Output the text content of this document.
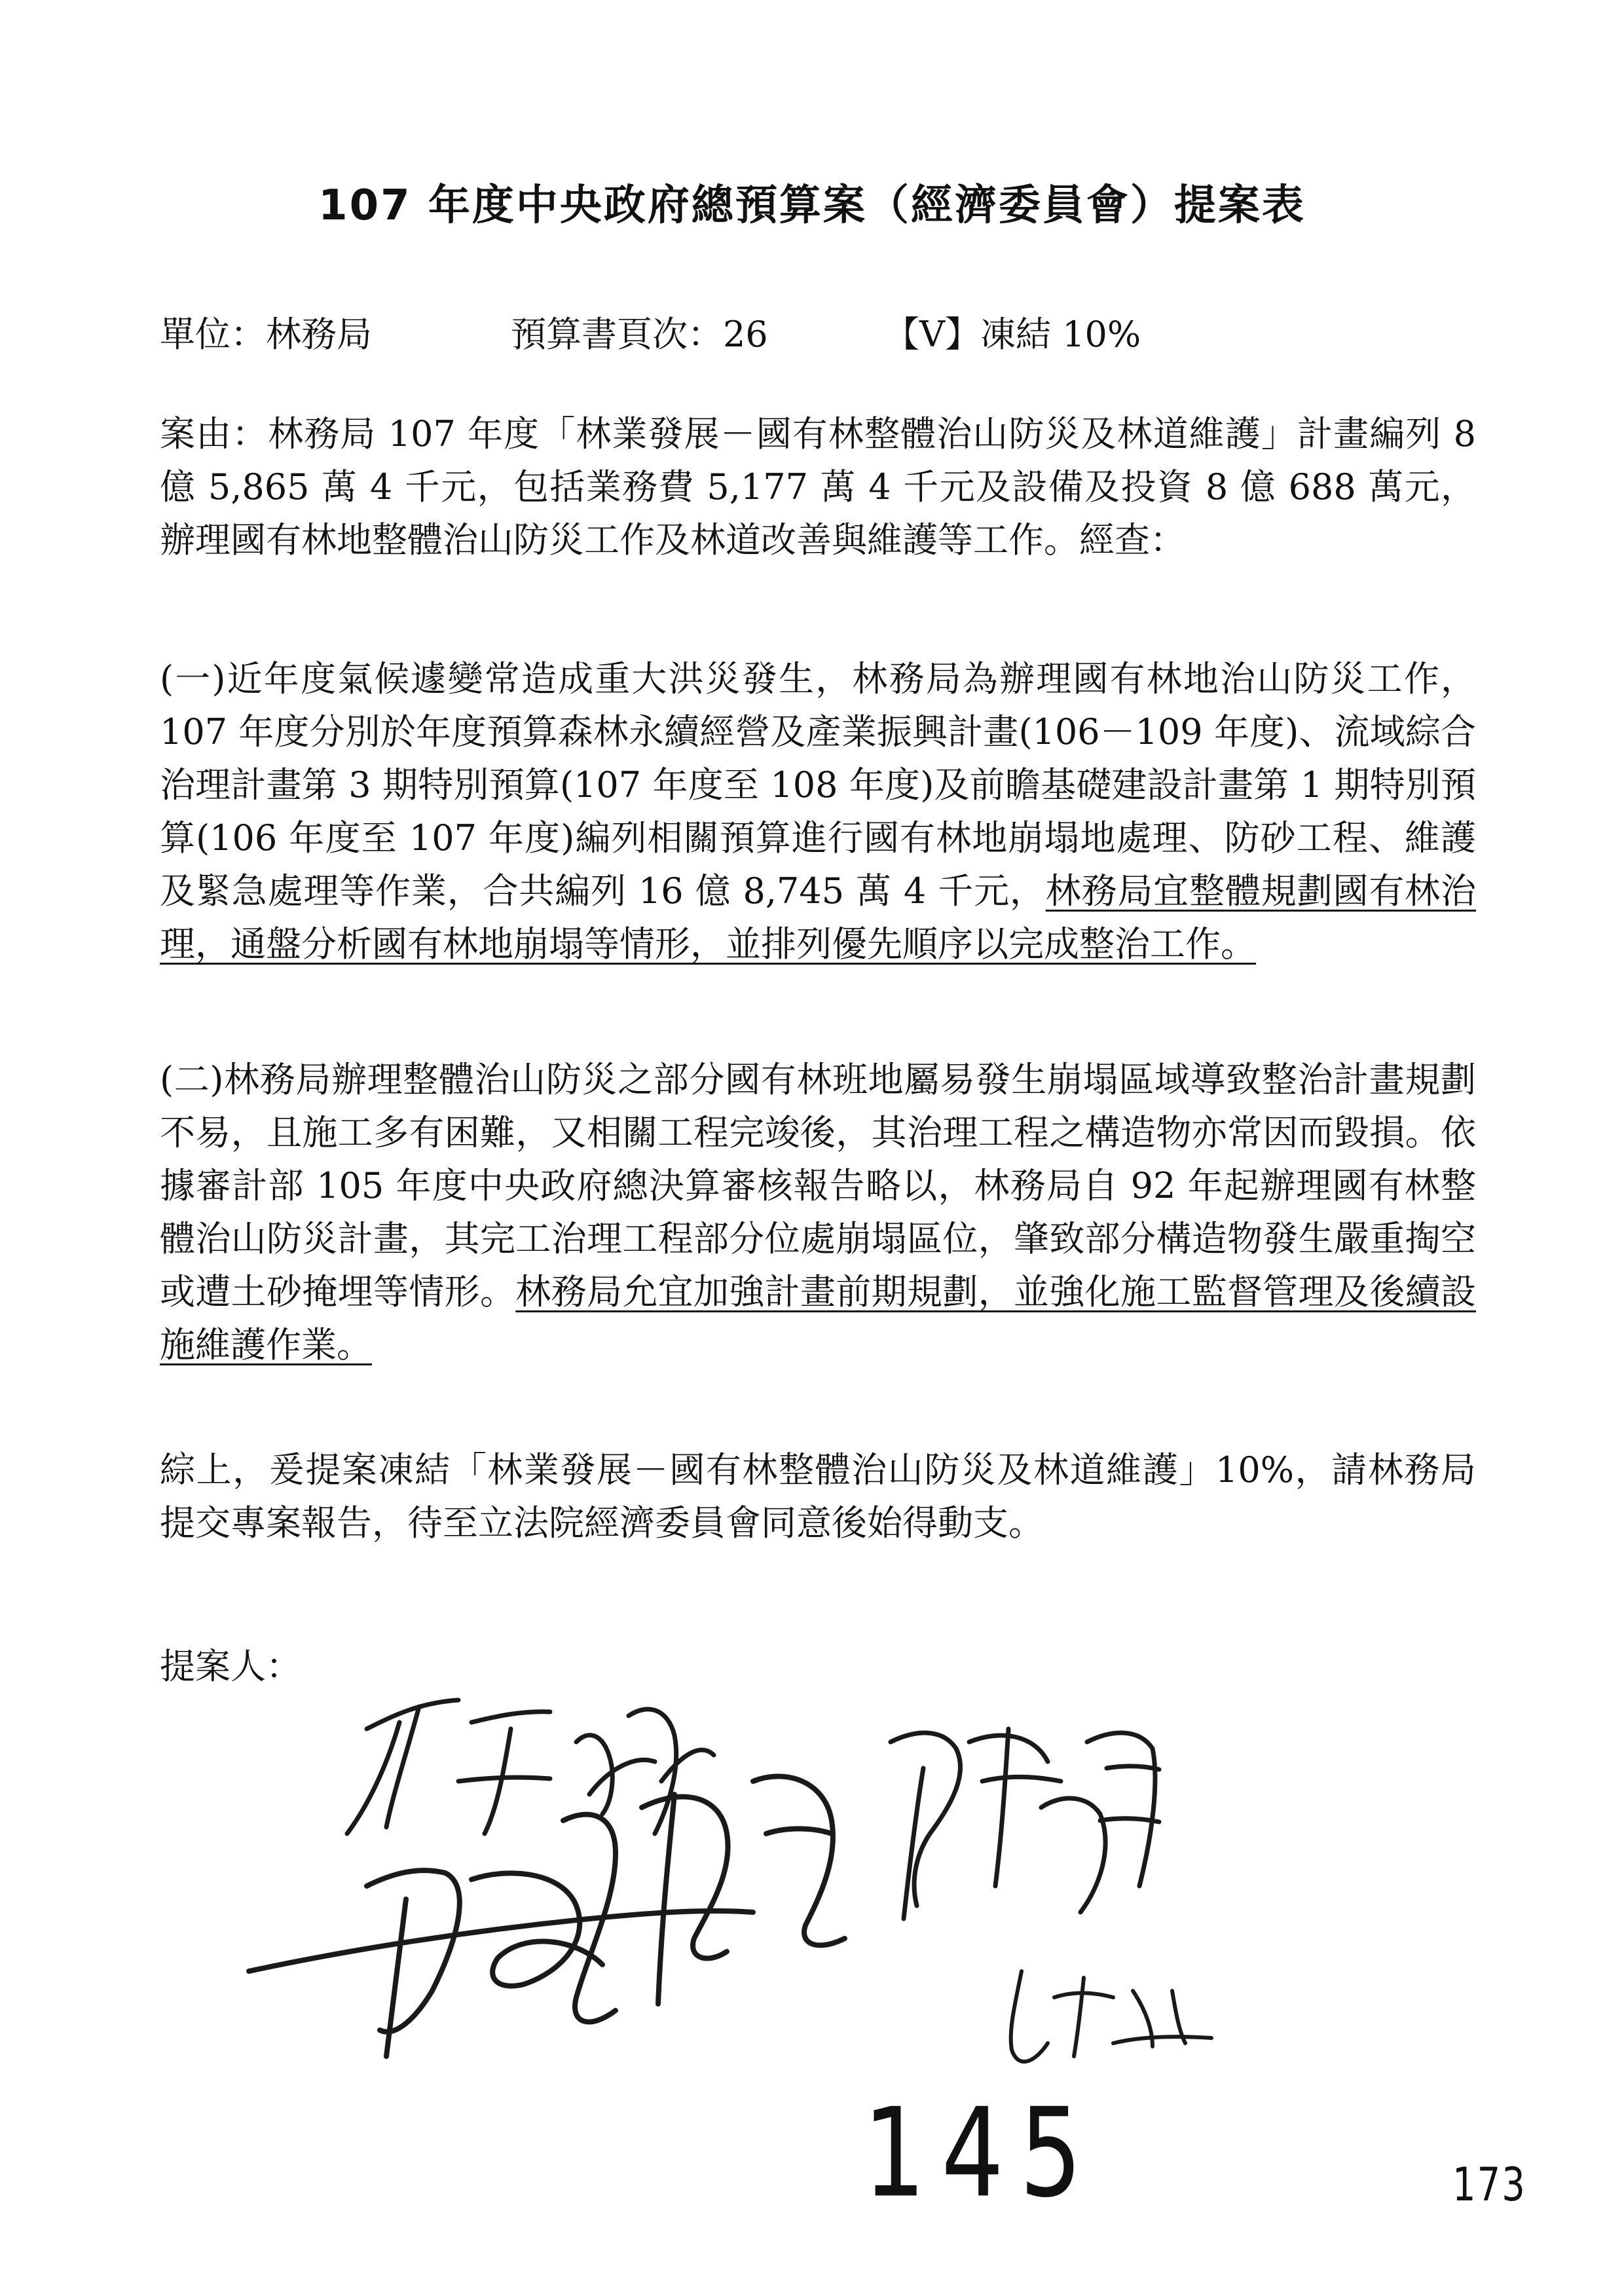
107 年度中央政府總預算案（經濟委員會）提案表
單位：林務局	預算書頁次：26	【V】凍結 10%

案由：林務局 107 年度「林業發展－國有林整體治山防災及林道維護」計畫編列 8 億 5,865 萬 4 千元，包括業務費 5,177 萬 4 千元及設備及投資 8 億 688 萬元，辦理國有林地整體治山防災工作及林道改善與維護等工作。經查：

(一)近年度氣候遽變常造成重大洪災發生，林務局為辦理國有林地治山防災工作，107 年度分別於年度預算森林永續經營及產業振興計畫(106－109 年度)、流域綜合治理計畫第 3 期特別預算(107 年度至 108 年度)及前瞻基礎建設計畫第 1 期特別預算(106 年度至 107 年度)編列相關預算進行國有林地崩塌地處理、防砂工程、維護及緊急處理等作業，合共編列 16 億 8,745 萬 4 千元，林務局宜整體規劃國有林治理，通盤分析國有林地崩塌等情形，並排列優先順序以完成整治工作。

(二)林務局辦理整體治山防災之部分國有林班地屬易發生崩塌區域導致整治計畫規劃不易，且施工多有困難，又相關工程完竣後，其治理工程之構造物亦常因而毀損。依據審計部 105 年度中央政府總決算審核報告略以，林務局自 92 年起辦理國有林整體治山防災計畫，其完工治理工程部分位處崩塌區位，肇致部分構造物發生嚴重掏空或遭土砂掩埋等情形。林務局允宜加強計畫前期規劃，並強化施工監督管理及後續設施維護作業。

綜上，爰提案凍結「林業發展－國有林整體治山防災及林道維護」10%，請林務局提交專案報告，待至立法院經濟委員會同意後始得動支。

提案人：
145	173
